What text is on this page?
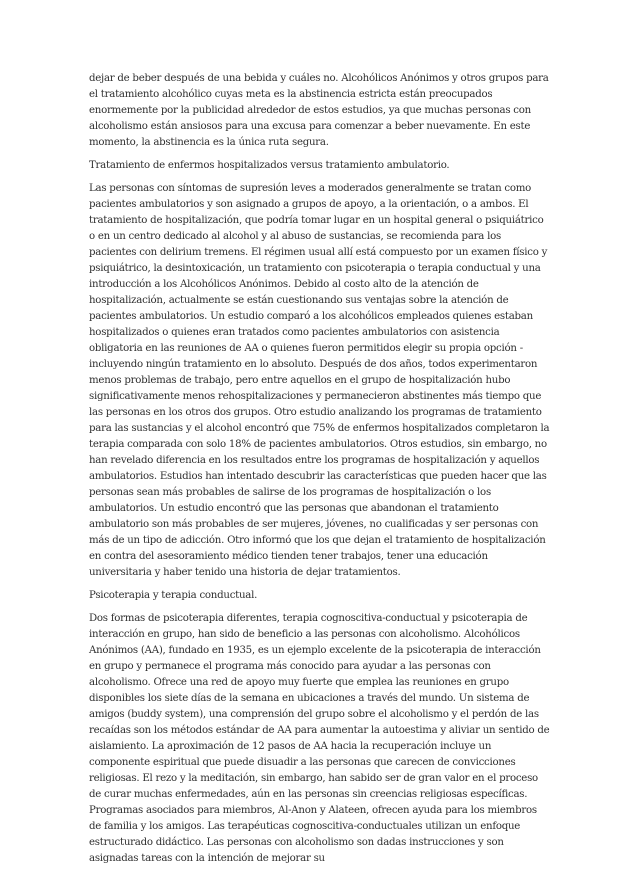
dejar de beber después de una bebida y cuáles no. Alcohólicos Anónimos y otros grupos para el tratamiento alcohólico cuyas meta es la abstinencia estricta están preocupados enormemente por la publicidad alrededor de estos estudios, ya que muchas personas con alcoholismo están ansiosos para una excusa para comenzar a beber nuevamente. En este momento, la abstinencia es la única ruta segura.

Tratamiento de enfermos hospitalizados versus tratamiento ambulatorio.

Las personas con síntomas de supresión leves a moderados generalmente se tratan como pacientes ambulatorios y son asignado a grupos de apoyo, a la orientación, o a ambos. El tratamiento de hospitalización, que podría tomar lugar en un hospital general o psiquiátrico o en un centro dedicado al alcohol y al abuso de sustancias, se recomienda para los pacientes con delirium tremens. El régimen usual allí está compuesto por un examen físico y psiquiátrico, la desintoxicación, un tratamiento con psicoterapia o terapia conductual y una introducción a los Alcohólicos Anónimos. Debido al costo alto de la atención de hospitalización, actualmente se están cuestionando sus ventajas sobre la atención de pacientes ambulatorios. Un estudio comparó a los alcohólicos empleados quienes estaban hospitalizados o quienes eran tratados como pacientes ambulatorios con asistencia obligatoria en las reuniones de AA o quienes fueron permitidos elegir su propia opción -incluyendo ningún tratamiento en lo absoluto. Después de dos años, todos experimentaron menos problemas de trabajo, pero entre aquellos en el grupo de hospitalización hubo significativamente menos rehospitalizaciones y permanecieron abstinentes más tiempo que las personas en los otros dos grupos. Otro estudio analizando los programas de tratamiento para las sustancias y el alcohol encontró que 75% de enfermos hospitalizados completaron la terapia comparada con solo 18% de pacientes ambulatorios. Otros estudios, sin embargo, no han revelado diferencia en los resultados entre los programas de hospitalización y aquellos ambulatorios. Estudios han intentado descubrir las características que pueden hacer que las personas sean más probables de salirse de los programas de hospitalización o los ambulatorios. Un estudio encontró que las personas que abandonan el tratamiento ambulatorio son más probables de ser mujeres, jóvenes, no cualificadas y ser personas con más de un tipo de adicción. Otro informó que los que dejan el tratamiento de hospitalización en contra del asesoramiento médico tienden tener trabajos, tener una educación universitaria y haber tenido una historia de dejar tratamientos.

Psicoterapia y terapia conductual.

Dos formas de psicoterapia diferentes, terapia cognoscitiva-conductual y psicoterapia de interacción en grupo, han sido de beneficio a las personas con alcoholismo. Alcohólicos Anónimos (AA), fundado en 1935, es un ejemplo excelente de la psicoterapia de interacción en grupo y permanece el programa más conocido para ayudar a las personas con alcoholismo. Ofrece una red de apoyo muy fuerte que emplea las reuniones en grupo disponibles los siete días de la semana en ubicaciones a través del mundo. Un sistema de amigos (buddy system), una comprensión del grupo sobre el alcoholismo y el perdón de las recaídas son los métodos estándar de AA para aumentar la autoestima y aliviar un sentido de aislamiento. La aproximación de 12 pasos de AA hacia la recuperación incluye un componente espiritual que puede disuadir a las personas que carecen de convicciones religiosas. El rezo y la meditación, sin embargo, han sabido ser de gran valor en el proceso de curar muchas enfermedades, aún en las personas sin creencias religiosas específicas. Programas asociados para miembros, Al-Anon y Alateen, ofrecen ayuda para los miembros de familia y los amigos. Las terapéuticas cognoscitiva-conductuales utilizan un enfoque estructurado didáctico. Las personas con alcoholismo son dadas instrucciones y son asignadas tareas con la intención de mejorar su
